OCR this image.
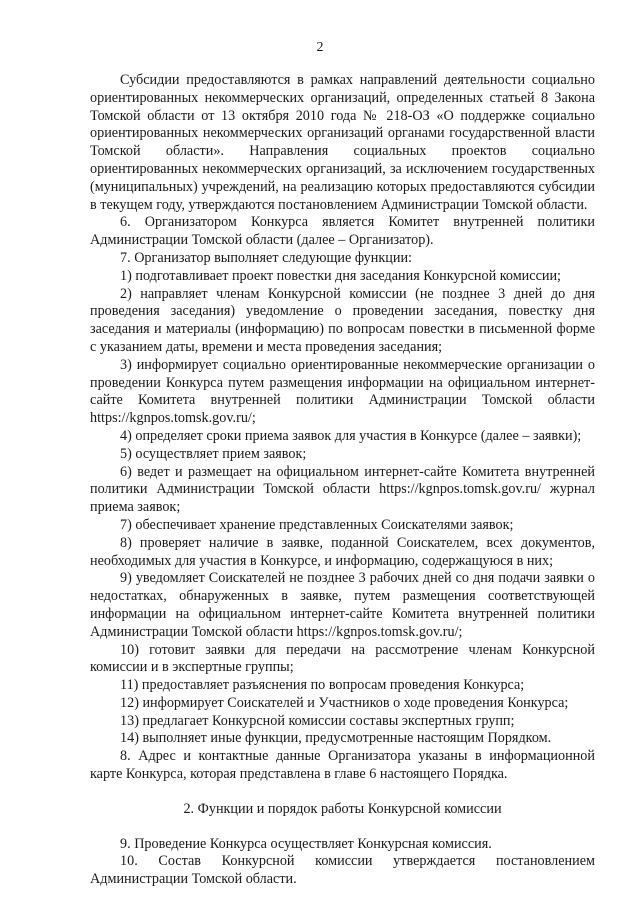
2

Субсидии предоставляются в рамках направлений деятельности социально ориентированных некоммерческих организаций, определенных статьей 8 Закона Томской области от 13 октября 2010 года № 218-ОЗ «О поддержке социально ориентированных некоммерческих организаций органами государственной власти Томской области». Направления социальных проектов социально ориентированных некоммерческих организаций, за исключением государственных (муниципальных) учреждений, на реализацию которых предоставляются субсидии в текущем году, утверждаются постановлением Администрации Томской области.

6. Организатором Конкурса является Комитет внутренней политики Администрации Томской области (далее – Организатор).

7. Организатор выполняет следующие функции:

1) подготавливает проект повестки дня заседания Конкурсной комиссии;

2) направляет членам Конкурсной комиссии (не позднее 3 дней до дня проведения заседания) уведомление о проведении заседания, повестку дня заседания и материалы (информацию) по вопросам повестки в письменной форме с указанием даты, времени и места проведения заседания;

3) информирует социально ориентированные некоммерческие организации о проведении Конкурса путем размещения информации на официальном интернет-сайте Комитета внутренней политики Администрации Томской области https://kgnpos.tomsk.gov.ru/;

4) определяет сроки приема заявок для участия в Конкурсе (далее – заявки);

5) осуществляет прием заявок;

6) ведет и размещает на официальном интернет-сайте Комитета внутренней политики Администрации Томской области https://kgnpos.tomsk.gov.ru/ журнал приема заявок;

7) обеспечивает хранение представленных Соискателями заявок;

8) проверяет наличие в заявке, поданной Соискателем, всех документов, необходимых для участия в Конкурсе, и информацию, содержащуюся в них;

9) уведомляет Соискателей не позднее 3 рабочих дней со дня подачи заявки о недостатках, обнаруженных в заявке, путем размещения соответствующей информации на официальном интернет-сайте Комитета внутренней политики Администрации Томской области https://kgnpos.tomsk.gov.ru/;

10) готовит заявки для передачи на рассмотрение членам Конкурсной комиссии и в экспертные группы;

11) предоставляет разъяснения по вопросам проведения Конкурса;

12) информирует Соискателей и Участников о ходе проведения Конкурса;

13) предлагает Конкурсной комиссии составы экспертных групп;

14) выполняет иные функции, предусмотренные настоящим Порядком.

8. Адрес и контактные данные Организатора указаны в информационной карте Конкурса, которая представлена в главе 6 настоящего Порядка.

2. Функции и порядок работы Конкурсной комиссии

9. Проведение Конкурса осуществляет Конкурсная комиссия.

10. Состав Конкурсной комиссии утверждается постановлением Администрации Томской области.
